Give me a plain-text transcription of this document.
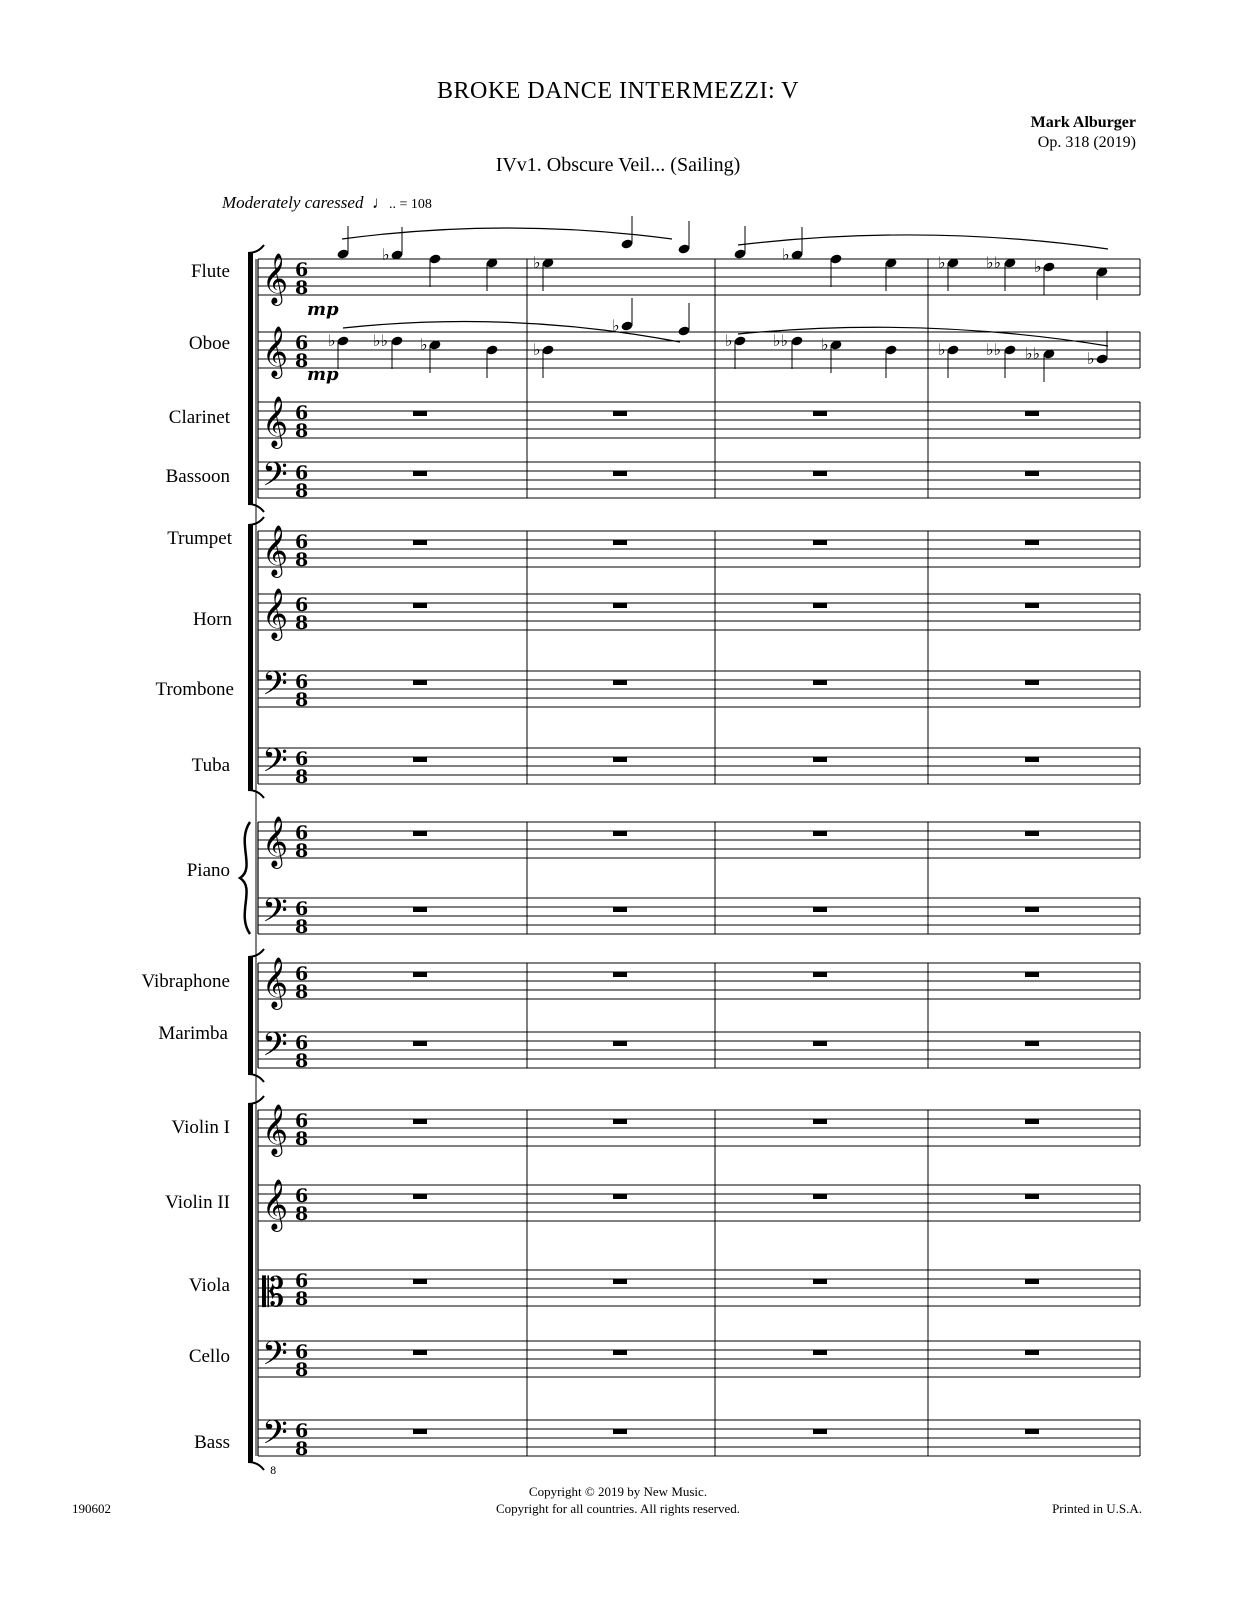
BROKE DANCE INTERMEZZI: V
Mark Alburger
Op. 318 (2019)
IVv1. Obscure Veil... (Sailing)
Moderately caressed  ♩.. = 108
Flute
Oboe
Clarinet
Bassoon
Trumpet
Horn
Trombone
Tuba
Piano
Vibraphone
Marimba
Violin I
Violin II
Viola
Cello
Bass
𝄞 6
8
𝄞 6
8
𝄞 6
8
𝄢 6
8
𝄞 6
8
𝄞 6
8
𝄢 6
8
𝄢 6
8
𝄞 6
8
𝄢 6
8
𝄞 6
8
𝄢 6
8
𝄞 6
8
𝄞 6
8
𝄡 6
8
𝄢 6
8
𝄢 6
8
8
♭	♭	♭	♭	♭♭ ♭
♭ ♭♭ ♭	♭
♭
♭	♭♭ ♭	♭	♭♭ ♭♭	♭
mp
mp
Copyright © 2019 by New Music.
Copyright for all countries. All rights reserved.
190602	Printed in U.S.A.
